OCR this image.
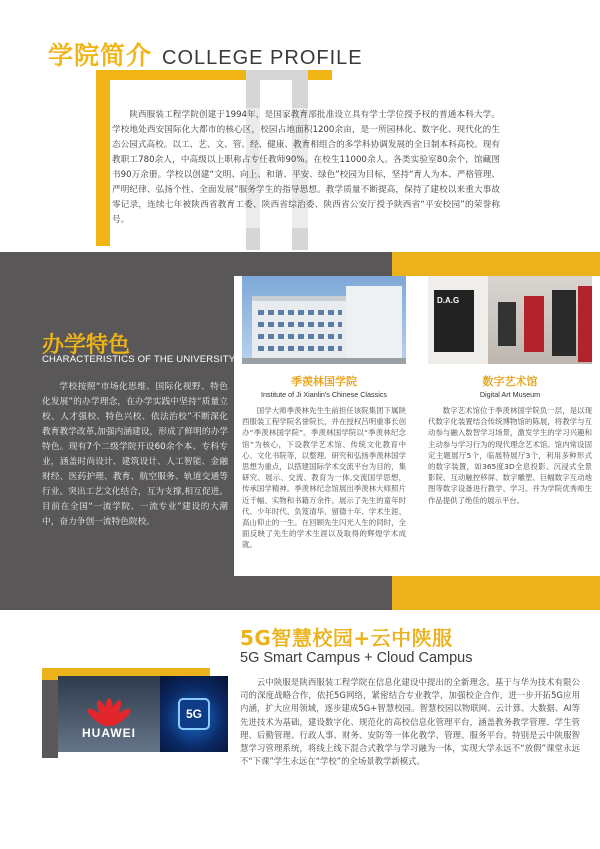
学院简介 COLLEGE PROFILE

陕西服装工程学院创建于1994年，是国家教育部批准设立具有学士学位授予权的普通本科大学。学校地处西安国际化大都市的核心区，校园占地面积1200余亩，是一所园林化、数字化、现代化的生态公园式高校。以工、艺、文、管、经、健康、教育相组合的多学科协调发展的全日制本科高校。现有教职工780余人，中高级以上职称占专任教师90%。在校生11000余人。各类实验室80余个，馆藏图书90万余册。学校以创建“文明、向上、和谐、平安、绿色”校园为目标，坚持“育人为本、严格管理、严明纪律、弘扬个性、全面发展”服务学生的指导思想。教学质量不断提高，保持了建校以来重大事故零记录，连续七年被陕西省教育工委、陕西省综治委、陕西省公安厅授予陕西省“平安校园”的荣誉称号。

办学特色
CHARACTERISTICS OF THE UNIVERSITY

学校按照“市场化思维、国际化视野、特色化发展”的办学理念，在办学实践中坚持“质量立校、人才强校、特色兴校、依法治校”不断深化教育教学改革,加强内涵建设，形成了鲜明的办学特色。现有7个二级学院开设60余个本、专科专业，涵盖时尚设计、建筑设计、人工智能、金融财经、医药护理、教育、航空服务、轨道交通等行业。突出工艺文化结合，互为支撑,相互促进。目前在全国“一流学院、一流专业”建设的大潮中，奋力争创一流特色院校。

季羡林国学院
Institute of Ji Xianlin's Chinese Classics

国学大师季羡林先生生前担任该院集团下属陕西服装工程学院名誉院长，并在授权吕明重事长创办“季羡林国学院”。季羡林国学院以“季羡林纪念馆”为核心，下设教学艺术馆、传统文化教育中心、文化书院等，以整理、研究和弘扬季羡林国学思想为重点，以搭建国际学术交流平台为目的，集研究、展示、交流、教育为一体,交流国学思想，传承国学精神。季羡林纪念馆展出季羡林大师照片近千幅、实物和书籍万余件。展示了先生的童年时代、少年时代、负笈清华、留德十年、学术生涯、高山仰止的一生。在回顾先生闪光人生的同时，全面反映了先生的学术生涯以及取得的辉煌学术成就。

D.A.G
数字艺术馆
Digital Art Museum

数字艺术馆位于季羡林国学院负一层，是以现代数字化装置结合传统博物馆的陈展，将教学与互动参与融入数智学习场景，激发学生的学习兴趣和主动参与学习行为的现代理念艺术馆。馆内常设固定主题展厅5个，临展特展厅3个，利用多种形式的数字装置，如365度3D全息投影、沉浸式全景影院、互动触控移屏、数字雕塑、巨幅数字互动地图等数字设备进行教学、学习。并为学院优秀师生作品提供了绝佳的展示平台。

5G智慧校园+云中陕服
5G Smart Campus + Cloud Campus
HUAWEI
5G

云中陕服是陕西服装工程学院在信息化建设中提出的全新理念。基于与华为技术有限公司的深度战略合作，依托5G网络，紧密结合专业教学，加强校企合作，进一步开拓5G应用内涵，扩大应用领域，逐步建成5G+智慧校园。智慧校园以物联网、云计算、大数据、AI等先进技术为基础，建设数字化、规范化的高校信息化管理平台，涵盖教务教学管理、学生管理、后勤管理、行政人事、财务、安防等一体化教学、管理、服务平台。特别是云中陕服智慧学习管理系统，将线上线下混合式教学与学习融为一体，实现大学永远不“放假”课堂永远不“下课”学生永远在“学校”的全场景教学新模式。
